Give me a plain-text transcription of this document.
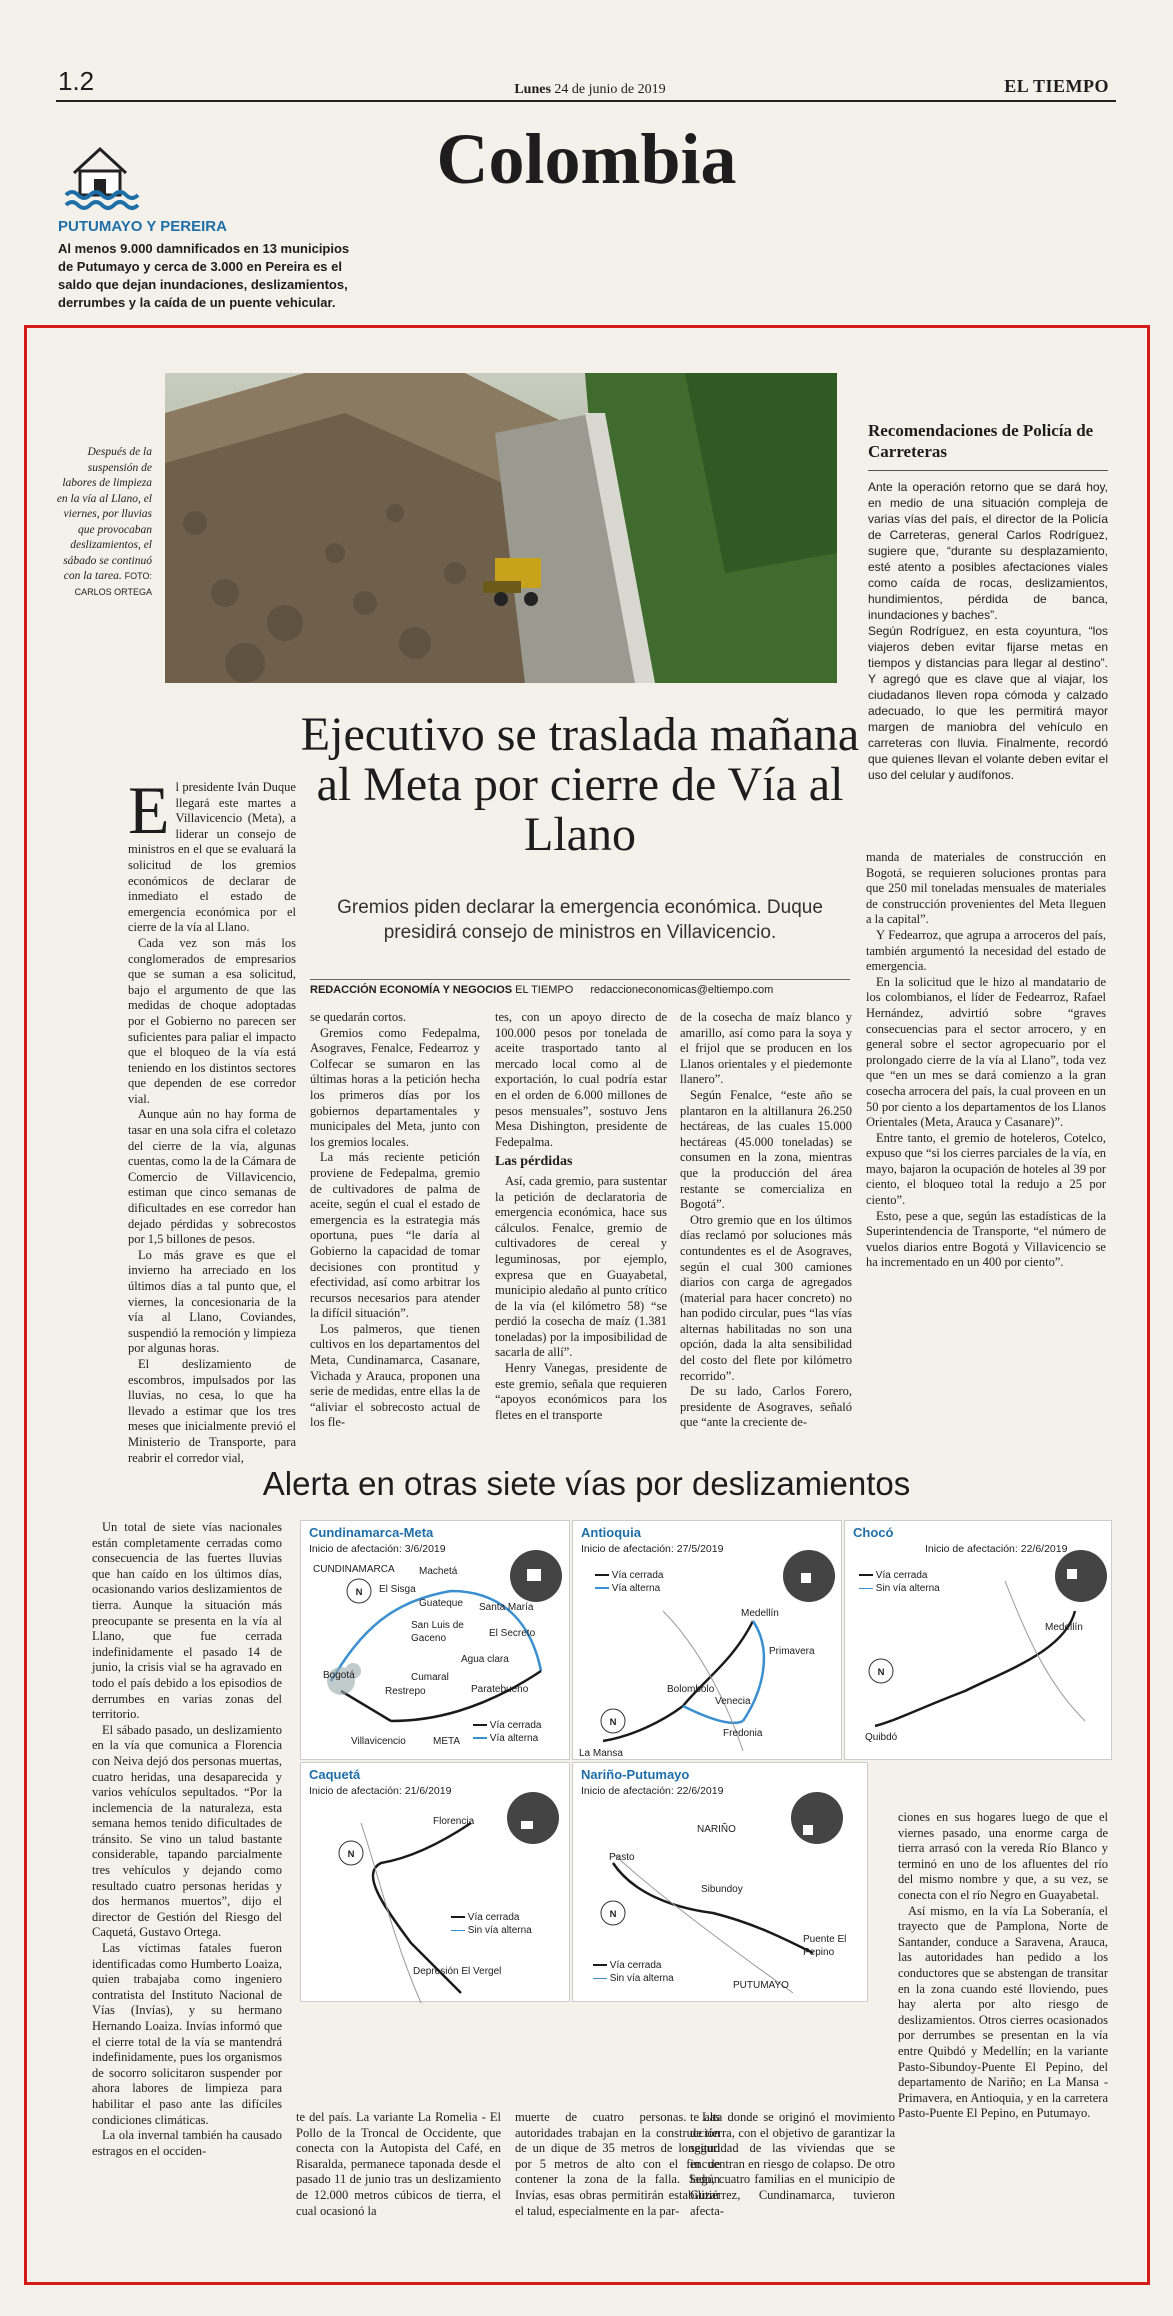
1.2	Lunes 24 de junio de 2019	EL TIEMPO
Colombia
PUTUMAYO Y PEREIRA
Al menos 9.000 damnificados en 13 municipios de Putumayo y cerca de 3.000 en Pereira es el saldo que dejan inundaciones, deslizamientos, derrumbes y la caída de un puente vehicular.
Después de la suspensión de labores de limpieza en la vía al Llano, el viernes, por lluvias que provocaban deslizamientos, el sábado se continuó con la tarea. FOTO:
CARLOS ORTEGA
Recomendaciones de Policía de Carreteras

Ante la operación retorno que se dará hoy, en medio de una situación compleja de varias vías del país, el director de la Policía de Carreteras, general Carlos Rodríguez, sugiere que, “durante su desplazamiento, esté atento a posibles afectaciones viales como caída de rocas, deslizamientos, hundimientos, pérdida de banca, inundaciones y baches”.

Según Rodríguez, en esta coyuntura, “los viajeros deben evitar fijarse metas en tiempos y distancias para llegar al destino”. Y agregó que es clave que al viajar, los ciudadanos lleven ropa cómoda y calzado adecuado, lo que les permitirá mayor margen de maniobra del vehículo en carreteras con lluvia. Finalmente, recordó que quienes llevan el volante deben evitar el uso del celular y audífonos.

Ejecutivo se traslada mañana al Meta por cierre de Vía al Llano
Gremios piden declarar la emergencia económica. Duque presidirá consejo de ministros en Villavicencio.
REDACCIÓN ECONOMÍA Y NEGOCIOS EL TIEMPO redaccioneconomicas@eltiempo.com
E l presidente Iván Duque llegará este martes a Villavicencio (Meta), a liderar un consejo de ministros en el que se evaluará la solicitud de los gremios económicos de declarar de inmediato el estado de emergencia económica por el cierre de la vía al Llano.

Cada vez son más los conglomerados de empresarios que se suman a esa solicitud, bajo el argumento de que las medidas de choque adoptadas por el Gobierno no parecen ser suficientes para paliar el impacto que el bloqueo de la vía está teniendo en los distintos sectores que dependen de ese corredor vial.

Aunque aún no hay forma de tasar en una sola cifra el coletazo del cierre de la vía, algunas cuentas, como la de la Cámara de Comercio de Villavicencio, estiman que cinco semanas de dificultades en ese corredor han dejado pérdidas y sobrecostos por 1,5 billones de pesos.

Lo más grave es que el invierno ha arreciado en los últimos días a tal punto que, el viernes, la concesionaria de la vía al Llano, Coviandes, suspendió la remoción y limpieza por algunas horas.

El deslizamiento de escombros, impulsados por las lluvias, no cesa, lo que ha llevado a estimar que los tres meses que inicialmente previó el Ministerio de Transporte, para reabrir el corredor vial,

se quedarán cortos.

Gremios como Fedepalma, Asograves, Fenalce, Fedearroz y Colfecar se sumaron en las últimas horas a la petición hecha los primeros días por los gobiernos departamentales y municipales del Meta, junto con los gremios locales.

La más reciente petición proviene de Fedepalma, gremio de cultivadores de palma de aceite, según el cual el estado de emergencia es la estrategia más oportuna, pues “le daría al Gobierno la capacidad de tomar decisiones con prontitud y efectividad, así como arbitrar los recursos necesarios para atender la difícil situación”.

Los palmeros, que tienen cultivos en los departamentos del Meta, Cundinamarca, Casanare, Vichada y Arauca, proponen una serie de medidas, entre ellas la de “aliviar el sobrecosto actual de los fle-

tes, con un apoyo directo de 100.000 pesos por tonelada de aceite trasportado tanto al mercado local como al de exportación, lo cual podría estar en el orden de 6.000 millones de pesos mensuales”, sostuvo Jens Mesa Dishington, presidente de Fedepalma.

Las pérdidas

Así, cada gremio, para sustentar la petición de declaratoria de emergencia económica, hace sus cálculos. Fenalce, gremio de cultivadores de cereal y leguminosas, por ejemplo, expresa que en Guayabetal, municipio aledaño al punto crítico de la vía (el kilómetro 58) “se perdió la cosecha de maíz (1.381 toneladas) por la imposibilidad de sacarla de allí”.

Henry Vanegas, presidente de este gremio, señala que requieren “apoyos económicos para los fletes en el transporte

de la cosecha de maíz blanco y amarillo, así como para la soya y el frijol que se producen en los Llanos orientales y el piedemonte llanero”.

Según Fenalce, “este año se plantaron en la altillanura 26.250 hectáreas, de las cuales 15.000 hectáreas (45.000 toneladas) se consumen en la zona, mientras que la producción del área restante se comercializa en Bogotá”.

Otro gremio que en los últimos días reclamó por soluciones más contundentes es el de Asograves, según el cual 300 camiones diarios con carga de agregados (material para hacer concreto) no han podido circular, pues “las vías alternas habilitadas no son una opción, dada la alta sensibilidad del costo del flete por kilómetro recorrido”.

De su lado, Carlos Forero, presidente de Asograves, señaló que “ante la creciente de-

manda de materiales de construcción en Bogotá, se requieren soluciones prontas para que 250 mil toneladas mensuales de materiales de construcción provenientes del Meta lleguen a la capital”.

Y Fedearroz, que agrupa a arroceros del país, también argumentó la necesidad del estado de emergencia.

En la solicitud que le hizo al mandatario de los colombianos, el líder de Fedearroz, Rafael Hernández, advirtió sobre “graves consecuencias para el sector arrocero, y en general sobre el sector agropecuario por el prolongado cierre de la vía al Llano”, toda vez que “en un mes se dará comienzo a la gran cosecha arrocera del país, la cual proveen en un 50 por ciento a los departamentos de los Llanos Orientales (Meta, Arauca y Casanare)”.

Entre tanto, el gremio de hoteleros, Cotelco, expuso que “si los cierres parciales de la vía, en mayo, bajaron la ocupación de hoteles al 39 por ciento, el bloqueo total la redujo a 25 por ciento”.

Esto, pese a que, según las estadísticas de la Superintendencia de Transporte, “el número de vuelos diarios entre Bogotá y Villavicencio se ha incrementado en un 400 por ciento”.

Alerta en otras siete vías por deslizamientos

Un total de siete vías nacionales están completamente cerradas como consecuencia de las fuertes lluvias que han caído en los últimos días, ocasionando varios deslizamientos de tierra. Aunque la situación más preocupante se presenta en la vía al Llano, que fue cerrada indefinidamente el pasado 14 de junio, la crisis vial se ha agravado en todo el país debido a los episodios de derrumbes en varias zonas del territorio.

El sábado pasado, un deslizamiento en la vía que comunica a Florencia con Neiva dejó dos personas muertas, cuatro heridas, una desaparecida y varios vehículos sepultados. “Por la inclemencia de la naturaleza, esta semana hemos tenido dificultades de tránsito. Se vino un talud bastante considerable, tapando parcialmente tres vehículos y dejando como resultado cuatro personas heridas y dos hermanos muertos”, dijo el director de Gestión del Riesgo del Caquetá, Gustavo Ortega.

Las víctimas fatales fueron identificadas como Humberto Loaiza, quien trabajaba como ingeniero contratista del Instituto Nacional de Vías (Invías), y su hermano Hernando Loaiza. Invías informó que el cierre total de la vía se mantendrá indefinidamente, pues los organismos de socorro solicitaron suspender por ahora labores de limpieza para habilitar el paso ante las difíciles condiciones climáticas.

La ola invernal también ha causado estragos en el occiden-

te del país. La variante La Romelia - El Pollo de la Troncal de Occidente, que conecta con la Autopista del Café, en Risaralda, permanece taponada desde el pasado 11 de junio tras un deslizamiento de 12.000 metros cúbicos de tierra, el cual ocasionó la

muerte de cuatro personas. Las autoridades trabajan en la construcción de un dique de 35 metros de longitud por 5 metros de alto con el fin de contener la zona de la falla. Según Invías, esas obras permitirán estabilizar el talud, especialmente en la par-

te alta donde se originó el movimiento de tierra, con el objetivo de garantizar la seguridad de las viviendas que se encuentran en riesgo de colapso. De otro lado, cuatro familias en el municipio de Gutiérrez, Cundinamarca, tuvieron afecta-

ciones en sus hogares luego de que el viernes pasado, una enorme carga de tierra arrasó con la vereda Río Blanco y terminó en uno de los afluentes del río del mismo nombre y que, a su vez, se conecta con el río Negro en Guayabetal.

Así mismo, en la vía La Soberanía, el trayecto que de Pamplona, Norte de Santander, conduce a Saravena, Arauca, las autoridades han pedido a los conductores que se abstengan de transitar en la zona cuando esté lloviendo, pues hay alerta por alto riesgo de deslizamientos. Otros cierres ocasionados por derrumbes se presentan en la vía entre Quibdó y Medellín; en la variante Pasto-Sibundoy-Puente El Pepino, del departamento de Nariño; en La Mansa -Primavera, en Antioquia, y en la carretera Pasto-Puente El Pepino, en Putumayo.

Cundinamarca-Meta
Inicio de afectación: 3/6/2019
N
CUNDINAMARCA Machetá
El Sisga
Guateque Santa María
San Luis de Gaceno	El Secreto
Agua clara
Cumaral
Restrepo	Paratebueno
Bogotá
Villavicencio	META
Vía cerrada
Vía alterna
Antioquia
Inicio de afectación: 27/5/2019
N
Vía cerrada
Vía alterna
Medellín
Primavera
Bolombolo
Venecia
Fredonia
La Mansa
Chocó
Inicio de afectación: 22/6/2019
N
Vía cerrada
Sin vía alterna
Medellín
Quibdó
Caquetá
Inicio de afectación: 21/6/2019
N
Florencia
Depresión El Vergel
Vía cerrada
Sin vía alterna
Nariño-Putumayo
Inicio de afectación: 22/6/2019
N
NARIÑO
Pasto
Sibundoy
Puente El Pepino
PUTUMAYO
Vía cerrada
Sin vía alterna
